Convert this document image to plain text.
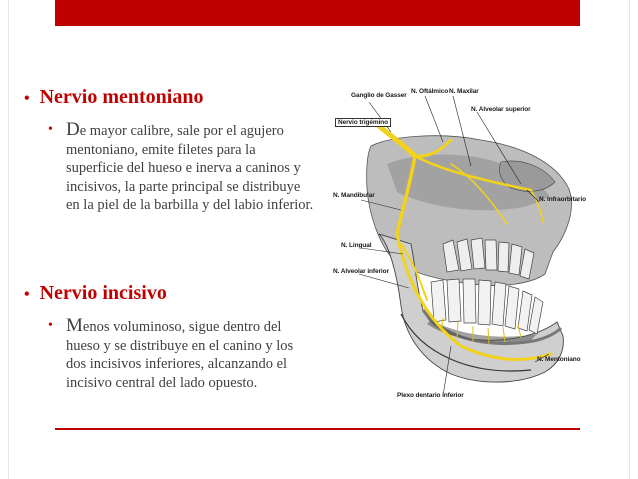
• Nervio mentoniano
• De mayor calibre, sale por el agujero mentoniano, emite filetes para la superficie del hueso e inerva a caninos y incisivos, la parte principal se distribuye en la piel de la barbilla y del labio inferior.
• Nervio incisivo
• Menos voluminoso, sigue dentro del hueso y se distribuye en el canino y los dos incisivos inferiores, alcanzando el incisivo central del lado opuesto.
Ganglio de Gasser
N. Oftálmico N. Maxilar
N. Alveolar superior
Nervio trigémino
N. Mandibular
N. Infraorbitario
N. Lingual
N. Alveolar inferior
N. Mentoniano
Plexo dentario inferior
